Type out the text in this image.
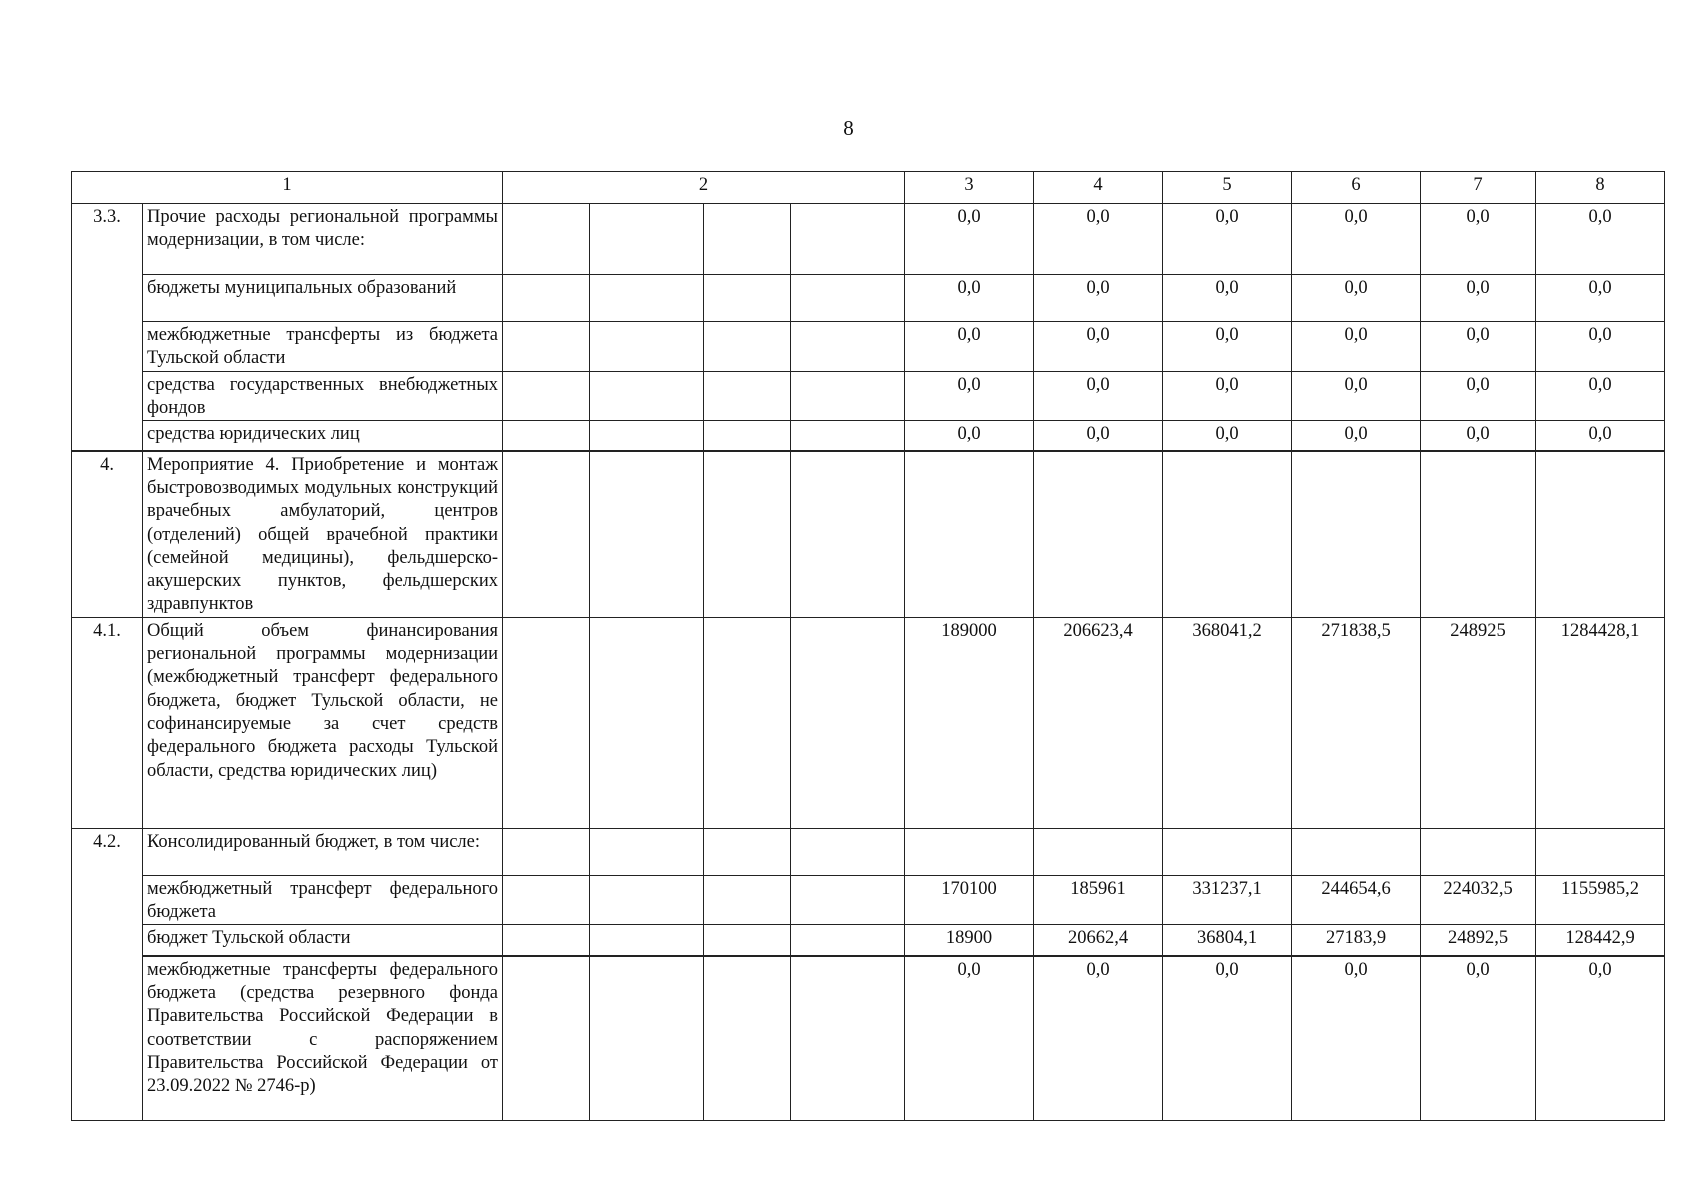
8
1		2				3	4	5	6	7	8
3.3.	Прочие расходы региональной программы модернизации, в том числе:					0,0	0,0	0,0	0,0	0,0	0,0
	бюджеты муниципальных образований					0,0	0,0	0,0	0,0	0,0	0,0
	межбюджетные трансферты из бюджета Тульской области					0,0	0,0	0,0	0,0	0,0	0,0
	средства государственных внебюджетных фондов					0,0	0,0	0,0	0,0	0,0	0,0
	средства юридических лиц					0,0	0,0	0,0	0,0	0,0	0,0
4.	Мероприятие 4. Приобретение и монтаж быстровозводимых модульных конструкций врачебных амбулаторий, центров (отделений) общей врачебной практики (семейной медицины), фельдшерско-акушерских пунктов, фельдшерских здравпунктов										
4.1.	Общий объем финансирования региональной программы модернизации (межбюджетный трансферт федерального бюджета, бюджет Тульской области, не софинансируемые за счет средств федерального бюджета расходы Тульской области, средства юридических лиц)					189000	206623,4	368041,2	271838,5	248925	1284428,1
4.2.	Консолидированный бюджет, в том числе:										
	межбюджетный трансферт федерального бюджета					170100	185961	331237,1	244654,6	224032,5	1155985,2
	бюджет Тульской области					18900	20662,4	36804,1	27183,9	24892,5	128442,9
	межбюджетные трансферты федерального бюджета (средства резервного фонда Правительства Российской Федерации в соответствии с распоряжением Правительства Российской Федерации от 23.09.2022 № 2746-р)					0,0	0,0	0,0	0,0	0,0	0,0
